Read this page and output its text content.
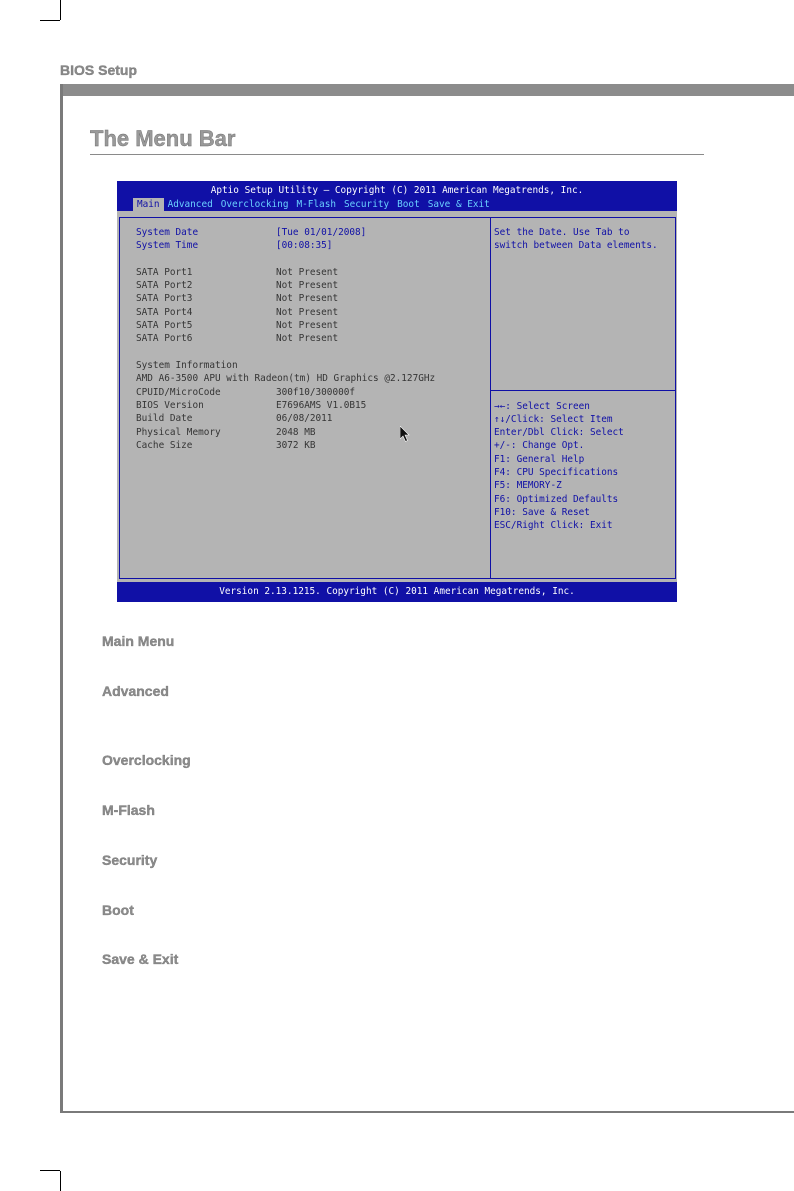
BIOS Setup
The Menu Bar
Aptio Setup Utility – Copyright (C) 2011 American Megatrends, Inc.
Main Advanced Overclocking M-Flash Security Boot Save & Exit
System Date	[Tue 01/01/2008]
System Time	[00:08:35]
SATA Port1	Not Present
SATA Port2	Not Present
SATA Port3	Not Present
SATA Port4	Not Present
SATA Port5	Not Present
SATA Port6	Not Present
System Information
AMD A6-3500 APU with Radeon(tm) HD Graphics @2.127GHz
CPUID/MicroCode	300f10/300000f
BIOS Version	E7696AMS V1.0B15
Build Date	06/08/2011
Physical Memory	2048 MB
Cache Size	3072 KB
Set the Date. Use Tab to
switch between Data elements.
→←: Select Screen
↑↓/Click: Select Item
Enter/Dbl Click: Select
+/-: Change Opt.
F1: General Help
F4: CPU Specifications
F5: MEMORY-Z
F6: Optimized Defaults
F10: Save & Reset
ESC/Right Click: Exit
Version 2.13.1215. Copyright (C) 2011 American Megatrends, Inc.
Main Menu
Advanced
Overclocking
M-Flash
Security
Boot
Save & Exit
